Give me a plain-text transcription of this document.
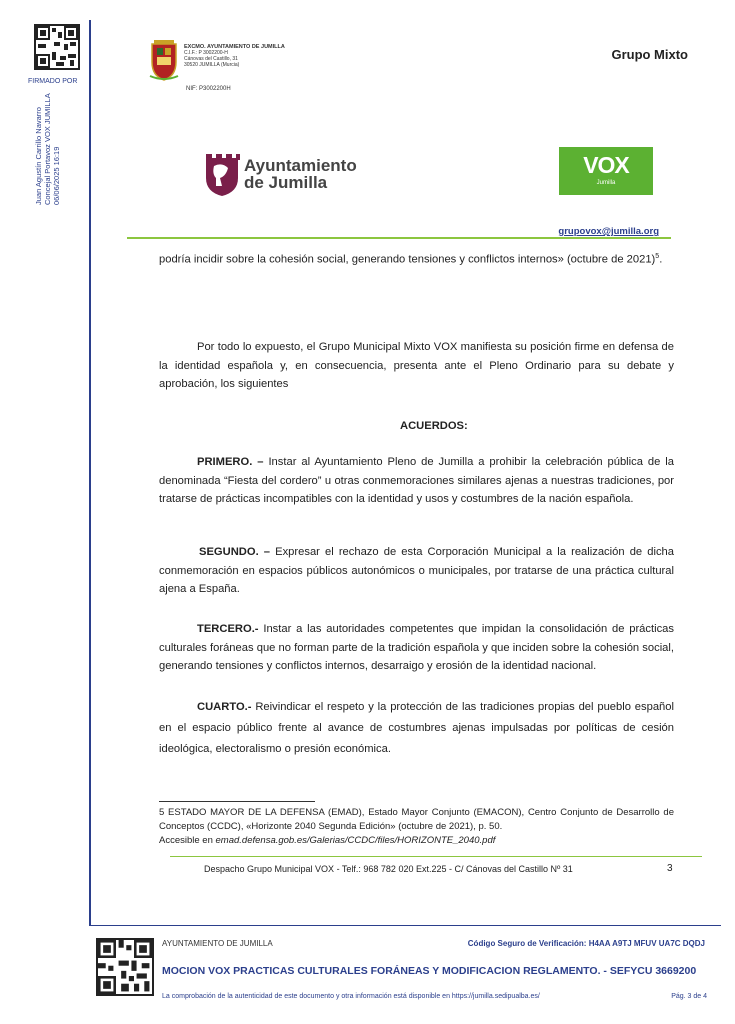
FIRMADO POR
Juan Agustín Carrillo Navarro Concejal Portavoz VOX JUMILLA 06/06/2025 16:19
EXCMO. AYUNTAMIENTO DE JUMILLA
C.I.F.: P 3002200-H
Cánovas del Castillo, 31
30520 JUMILLA (Murcia)
NIF: P3002200H
Grupo Mixto
Ayuntamiento
de Jumilla
VOX
Jumilla
grupovox@jumilla.org
podría incidir sobre la cohesión social, generando tensiones y conflictos internos» (octubre de 2021)$^5$.
Por todo lo expuesto, el Grupo Municipal Mixto VOX manifiesta su posición firme en defensa de la identidad española y, en consecuencia, presenta ante el Pleno Ordinario para su debate y aprobación, los siguientes
ACUERDOS:
PRIMERO. – Instar al Ayuntamiento Pleno de Jumilla a prohibir la celebración pública de la denominada “Fiesta del cordero” u otras conmemoraciones similares ajenas a nuestras tradiciones, por tratarse de prácticas incompatibles con la identidad y usos y costumbres de la nación española.
SEGUNDO. – Expresar el rechazo de esta Corporación Municipal a la realización de dicha conmemoración en espacios públicos autonómicos o municipales, por tratarse de una práctica cultural ajena a España.
TERCERO.- Instar a las autoridades competentes que impidan la consolidación de prácticas culturales foráneas que no forman parte de la tradición española y que inciden sobre la cohesión social, generando tensiones y conflictos internos, desarraigo y erosión de la identidad nacional.
CUARTO.- Reivindicar el respeto y la protección de las tradiciones propias del pueblo español en el espacio público frente al avance de costumbres ajenas impulsadas por políticas de cesión ideológica, electoralismo o presión económica.
5 ESTADO MAYOR DE LA DEFENSA (EMAD), Estado Mayor Conjunto (EMACON), Centro Conjunto de Desarrollo de Conceptos (CCDC), «Horizonte 2040 Segunda Edición» (octubre de 2021), p. 50.
Accesible en emad.defensa.gob.es/Galerias/CCDC/files/HORIZONTE_2040.pdf
Despacho Grupo Municipal VOX - Telf.: 968 782 020 Ext.225 - C/ Cánovas del Castillo Nº 31	3
AYUNTAMIENTO DE JUMILLA	Código Seguro de Verificación: H4AA A9TJ MFUV UA7C DQDJ
MOCION VOX PRACTICAS CULTURALES FORÁNEAS Y MODIFICACION REGLAMENTO. - SEFYCU 3669200
La comprobación de la autenticidad de este documento y otra información está disponible en https://jumilla.sedipualba.es/	Pág. 3 de 4
